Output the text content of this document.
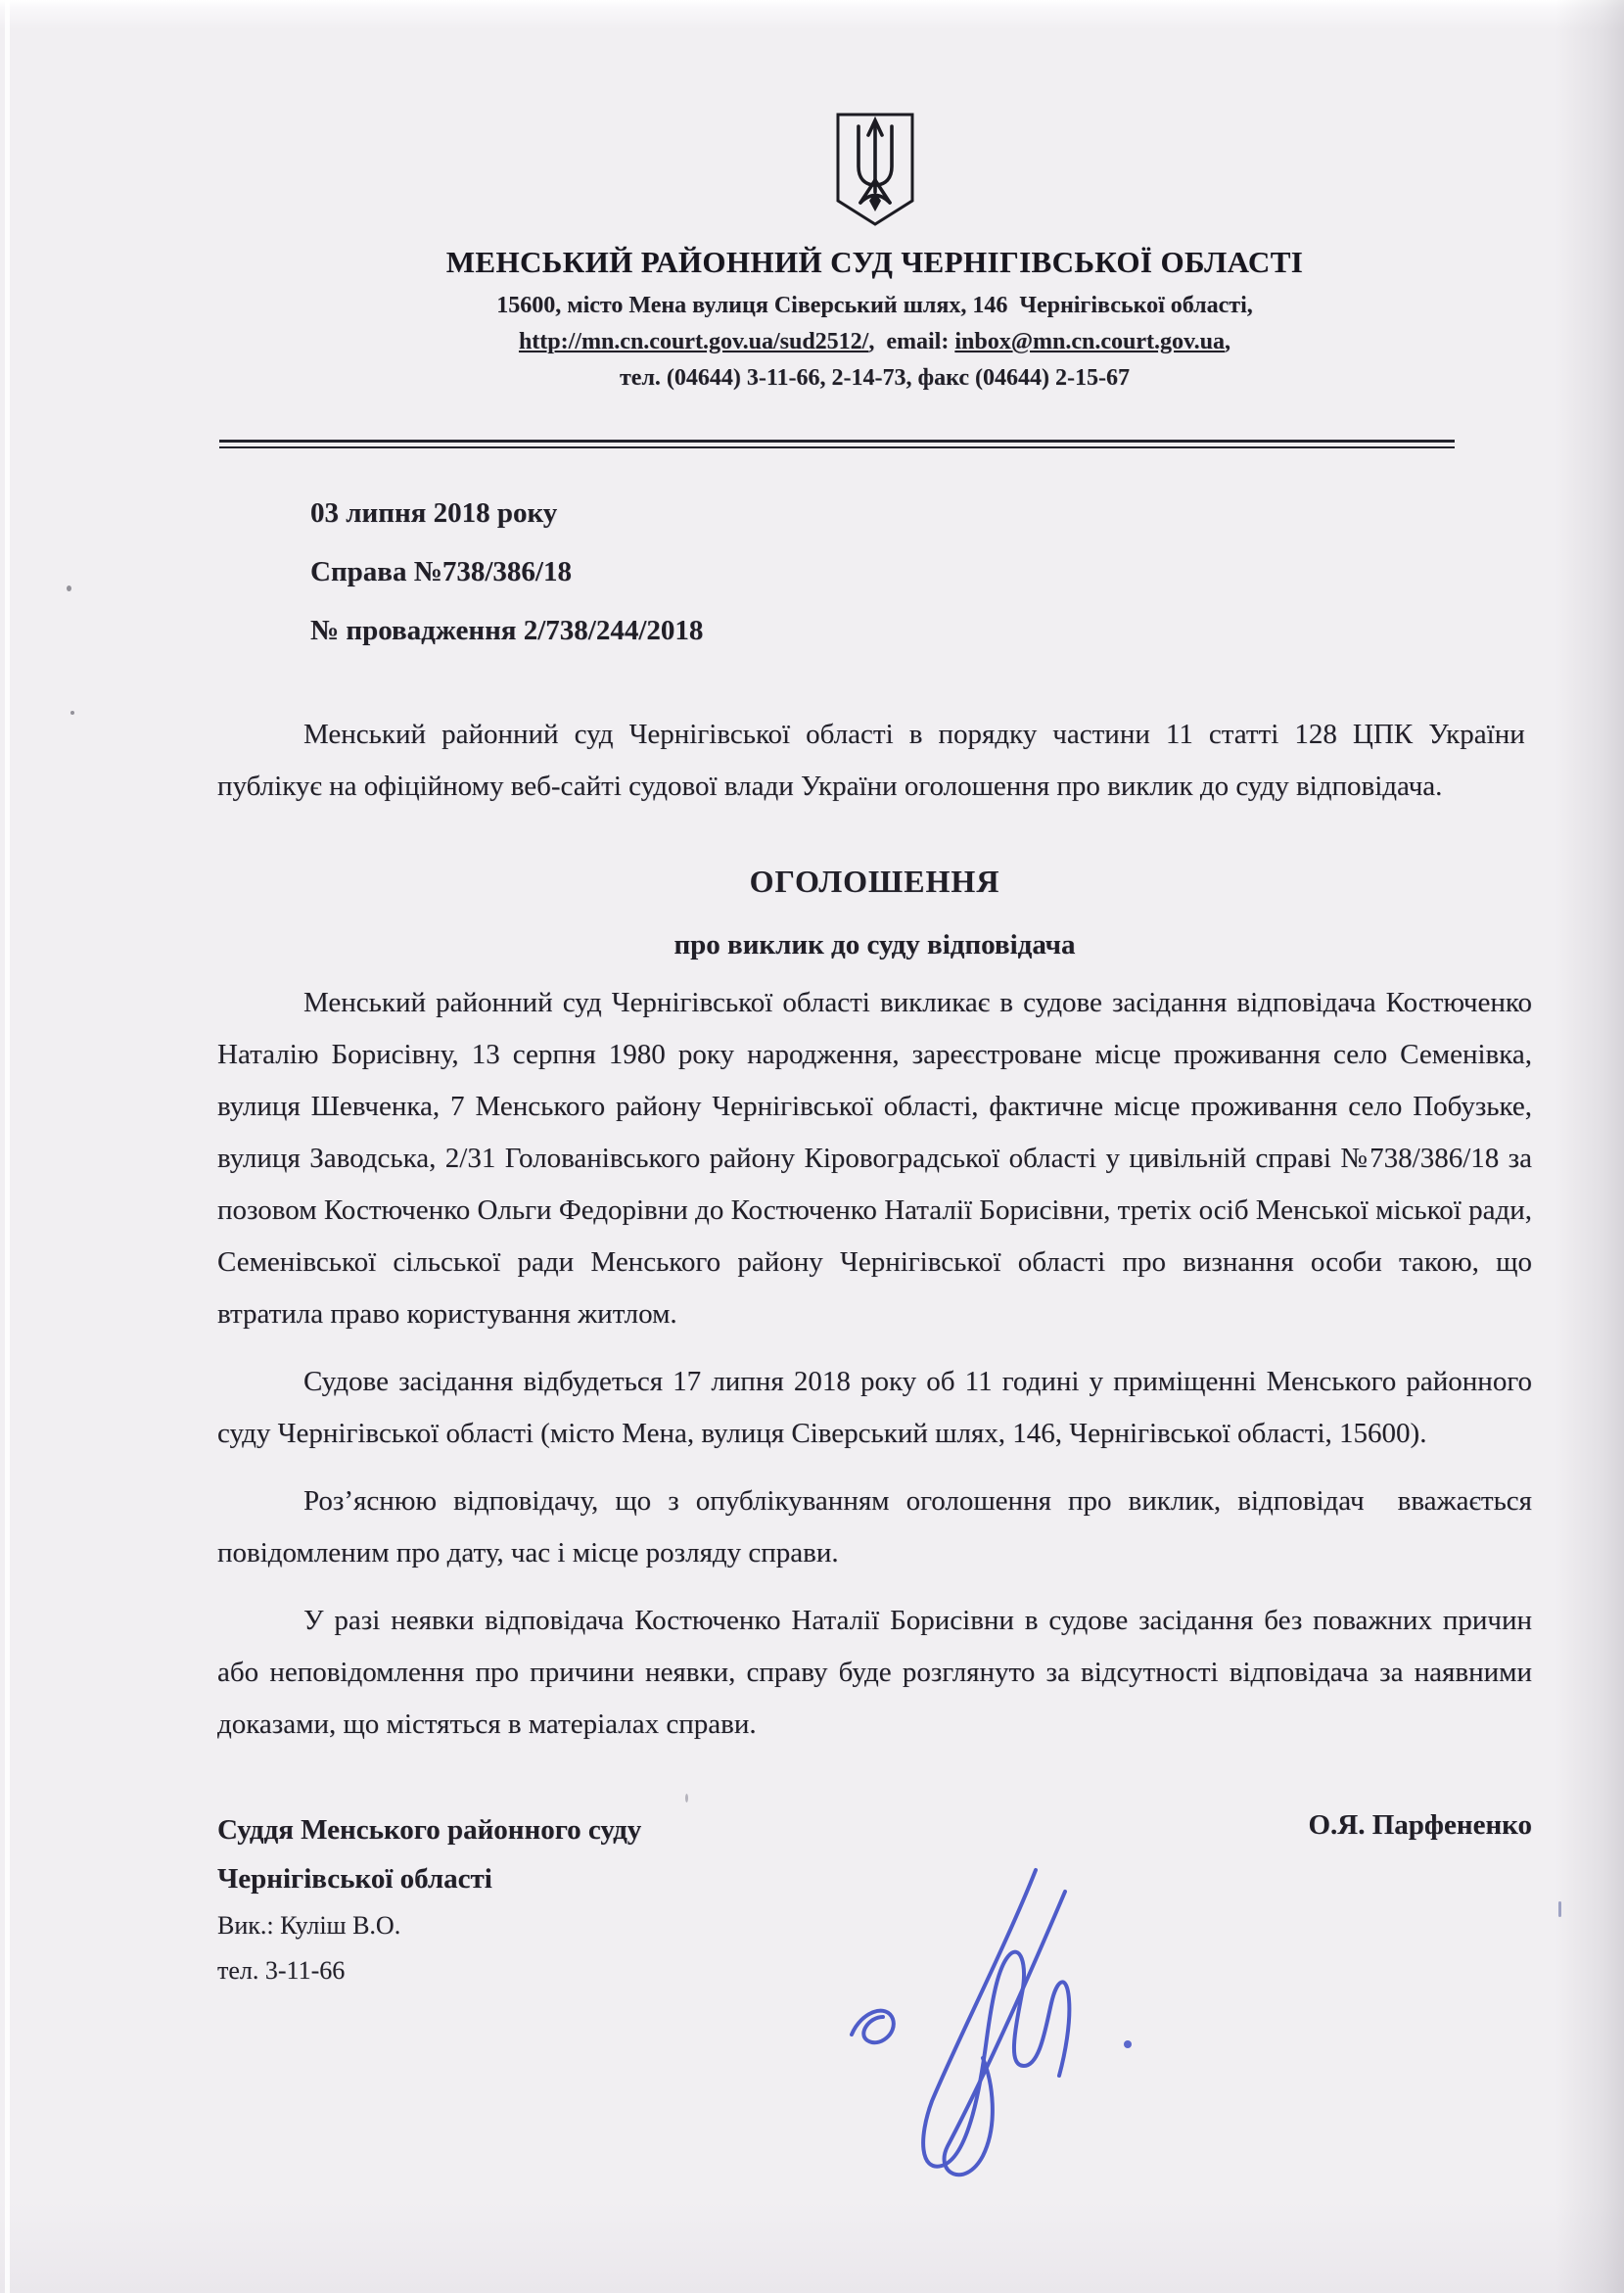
МЕНСЬКИЙ РАЙОННИЙ СУД ЧЕРНІГІВСЬКОЇ ОБЛАСТІ
15600, місто Мена вулиця Сіверський шлях, 146  Чернігівської області,
http://mn.cn.court.gov.ua/sud2512/,  email: inbox@mn.cn.court.gov.ua,
тел. (04644) 3-11-66, 2-14-73, факс (04644) 2-15-67
03 липня 2018 року
Справа №738/386/18
№ провадження 2/738/244/2018

Менський районний суд Чернігівської області в порядку частини 11 статті 128 ЦПК України  публікує на офіційному веб-сайті судової влади України оголошення про виклик до суду відповідача.

ОГОЛОШЕННЯ
про виклик до суду відповідача

Менський районний суд Чернігівської області викликає в судове засідання відповідача Костюченко Наталію Борисівну, 13 серпня 1980 року народження, зареєстроване місце проживання село Семенівка, вулиця Шевченка, 7 Менського району Чернігівської області, фактичне місце проживання село Побузьке, вулиця Заводська, 2/31 Голованівського району Кіровоградської області у цивільній справі №738/386/18 за позовом Костюченко Ольги Федорівни до Костюченко Наталії Борисівни, третіх осіб Менської міської ради, Семенівської сільської ради Менського району Чернігівської області про визнання особи такою, що втратила право користування житлом.

Судове засідання відбудеться 17 липня 2018 року об 11 годині у приміщенні Менського районного суду Чернігівської області (місто Мена, вулиця Сіверський шлях, 146, Чернігівської області, 15600).

Роз’яснюю відповідачу, що з опублікуванням оголошення про виклик, відповідач  вважається повідомленим про дату, час і місце розляду справи.

У разі неявки відповідача Костюченко Наталії Борисівни в судове засідання без поважних причин або неповідомлення про причини неявки, справу буде розглянуто за відсутності відповідача за наявними доказами, що містяться в матеріалах справи.

Суддя Менського районного суду
Чернігівської області
Вик.: Куліш В.О.
тел. 3-11-66
О.Я. Парфененко
